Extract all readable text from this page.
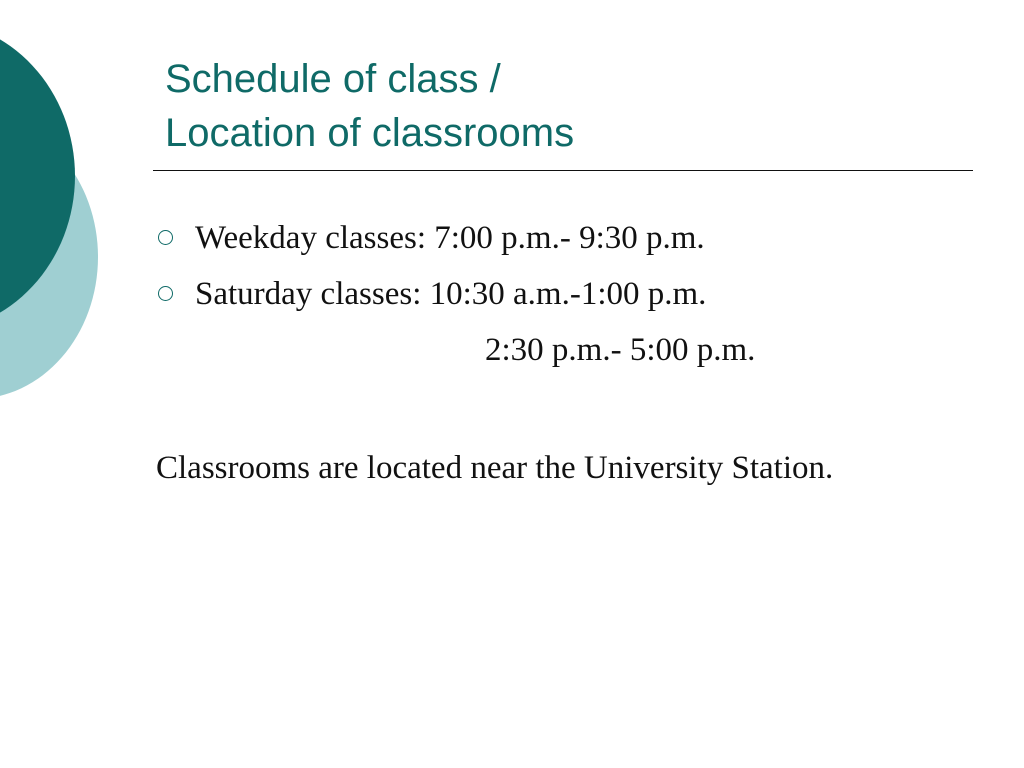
Schedule of class /
Location of classrooms
Weekday classes: 7:00 p.m.- 9:30 p.m.
Saturday classes: 10:30 a.m.-1:00 p.m.

2:30 p.m.- 5:00 p.m.

Classrooms are located near the University Station.
